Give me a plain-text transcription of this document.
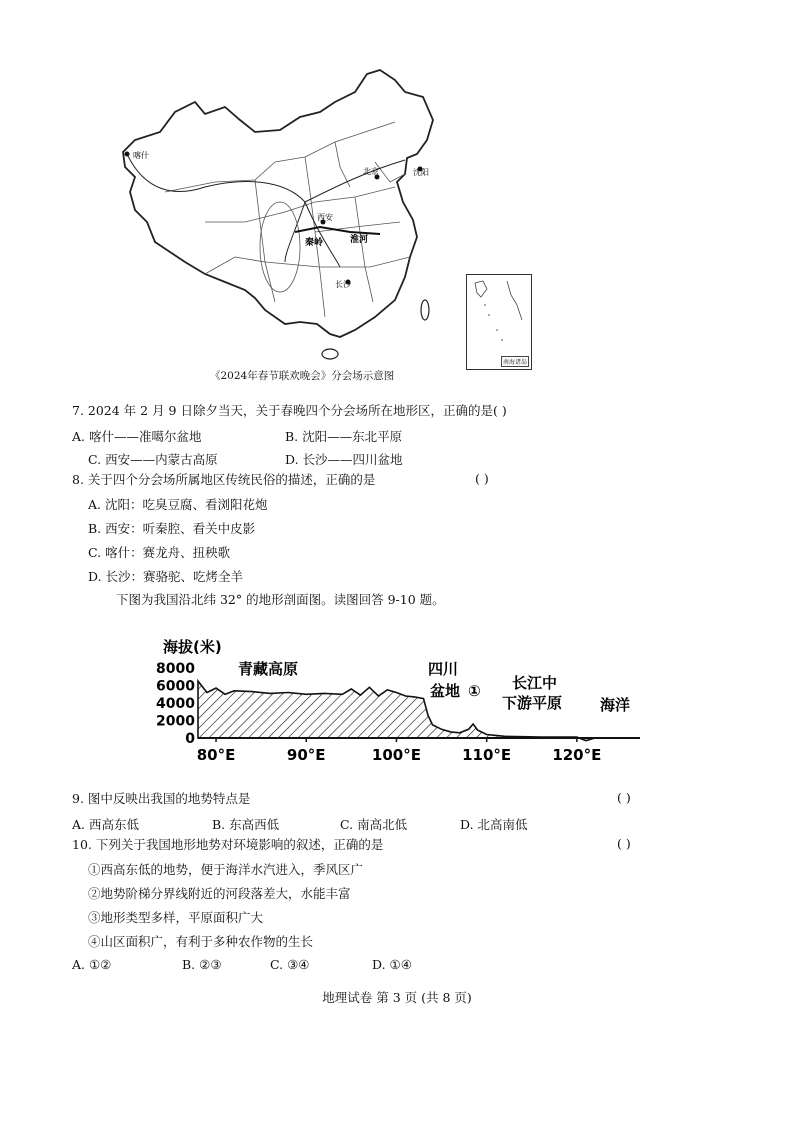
喀什
北京	沈阳
西安
长沙
秦岭	淮河
南海诸岛
《2024年春节联欢晚会》分会场示意图
7. 2024 年 2 月 9 日除夕当天，关于春晚四个分会场所在地形区，正确的是( )
A. 喀什——准噶尔盆地	B. 沈阳——东北平原
C. 西安——内蒙古高原	D. 长沙——四川盆地
8. 关于四个分会场所属地区传统民俗的描述，正确的是	( )
A. 沈阳：吃臭豆腐、看浏阳花炮
B. 西安：听秦腔、看关中皮影
C. 喀什：赛龙舟、扭秧歌
D. 长沙：赛骆驼、吃烤全羊
下图为我国沿北纬 32° 的地形剖面图。读图回答 9-10 题。
海拔(米)
8000
6000
4000
2000
0
80°E	90°E	100°E	110°E	120°E
青藏高原	四川
盆地 ① 长江中
下游平原	海洋
9. 图中反映出我国的地势特点是	( )
A. 西高东低	B. 东高西低	C. 南高北低	D. 北高南低
10. 下列关于我国地形地势对环境影响的叙述，正确的是	( )
①西高东低的地势，便于海洋水汽进入，季风区广
②地势阶梯分界线附近的河段落差大，水能丰富
③地形类型多样，平原面积广大
④山区面积广，有利于多种农作物的生长
A. ①②	B. ②③	C. ③④	D. ①④
地理试卷 第 3 页 (共 8 页)
